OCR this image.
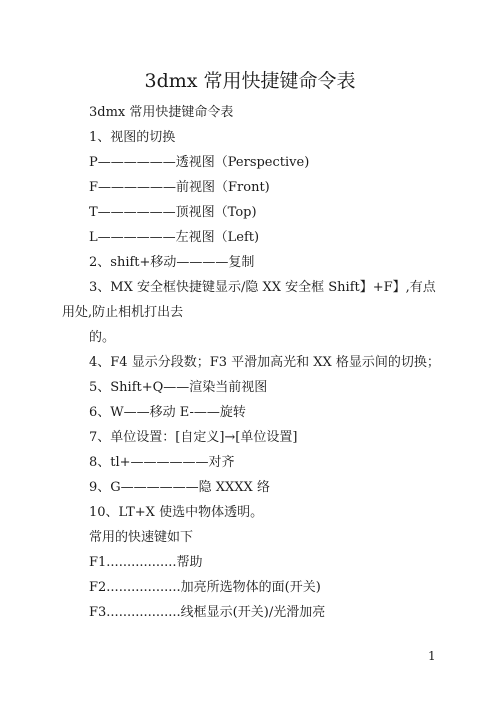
3dmx 常用快捷键命令表
3dmx 常用快捷键命令表
1、视图的切换
P——————透视图（Perspective)
F——————前视图（Front)
T——————顶视图（Top)
L——————左视图（Left)
2、shift+移动————复制
3、MX 安全框快捷键显示/隐 XX 安全框 Shift】+F】,有点
用处,防止相机打出去
的。
4、F4 显示分段数；F3 平滑加高光和 XX 格显示间的切换；
5、Shift+Q——渲染当前视图
6、W——移动 E-——旋转
7、单位设置：[自定义]→[单位设置]
8、tl+——————对齐
9、G——————隐 XXXX 络
10、LT+X 使选中物体透明。
常用的快速键如下
F1.................帮助
F2..................加亮所选物体的面(开关)
F3..................线框显示(开关)/光滑加亮
1
